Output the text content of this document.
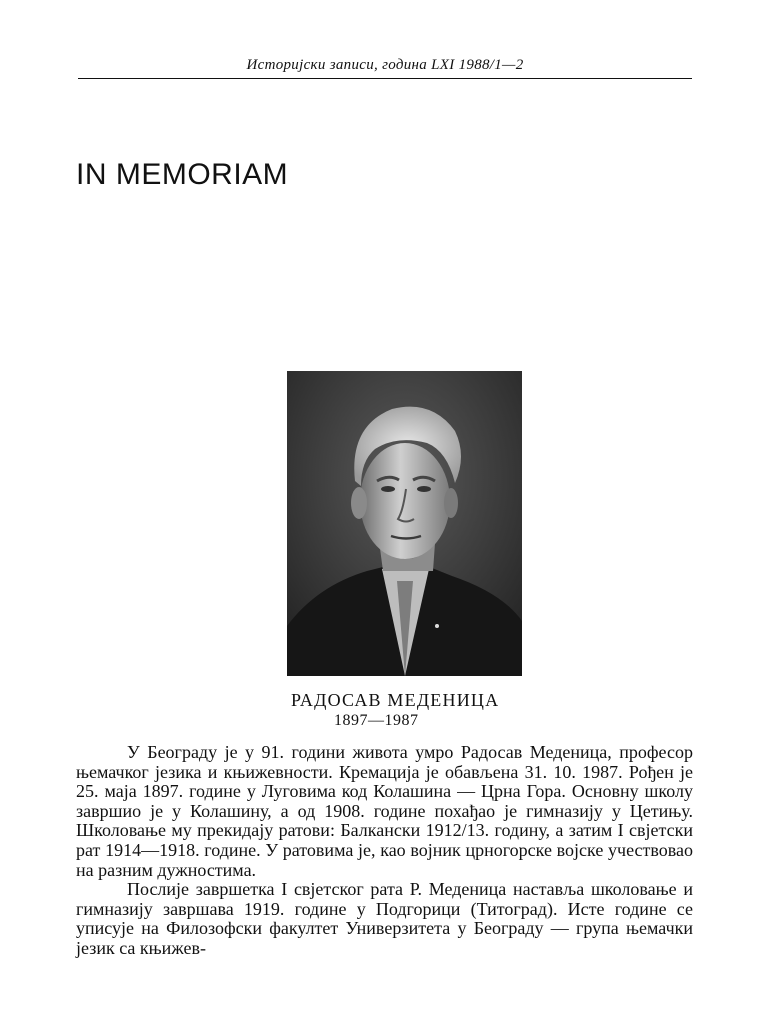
Историјски записи, година LXI 1988/1—2
IN MEMORIAM
РАДОСАВ МЕДЕНИЦА
1897—1987

У Београду је у 91. години живота умро Радосав Меденица, професор њемачког језика и књижевности. Кремација је обављена 31. 10. 1987. Рођен је 25. маја 1897. године у Луговима код Колашина — Црна Гора. Основну школу завршио је у Колашину, а од 1908. године похађао је гимназију у Цетињу. Школовање му прекидају ратови: Балкански 1912/13. годину, а затим I свјетски рат 1914—1918. године. У ратовима је, као војник црногорске војске учествовао на разним дужностима.

Послије завршетка I свјетског рата Р. Меденица наставља школовање и гимназију завршава 1919. године у Подгорици (Титоград). Исте године се уписује на Филозофски факултет Универзитета у Београду — група њемачки језик са књижев-
